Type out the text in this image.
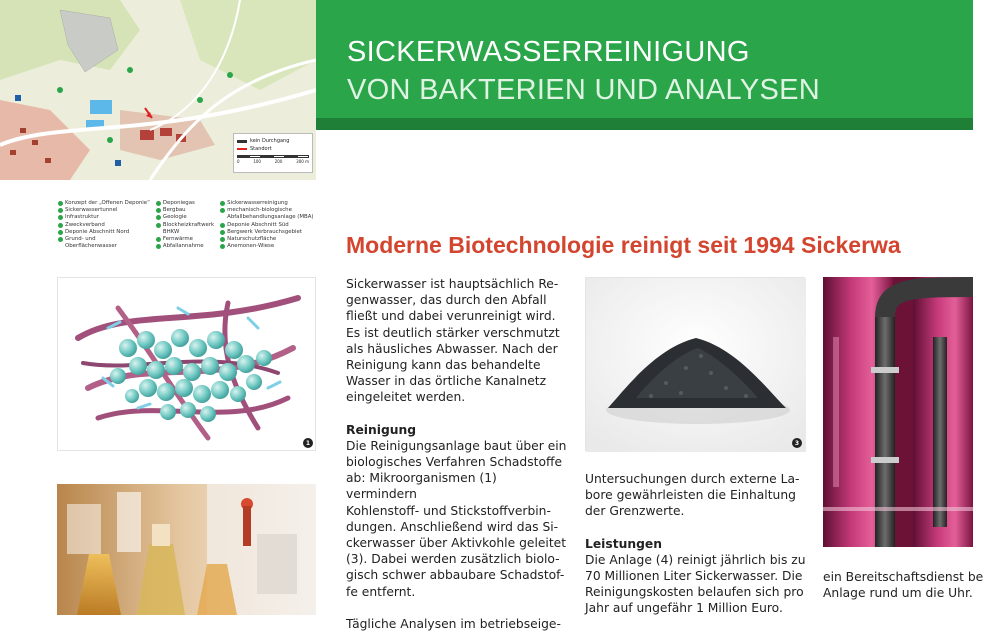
kein Durchgang
Standort
0	100	200	300 m
SICKERWASSERREINIGUNG
VON BAKTERIEN UND ANALYSEN
Konzept der „Offenen Deponie“
Sickerwassertunnel
Infrastruktur
Zweckverband
Deponie Abschnitt Nord
Grund- und
Oberflächenwasser
Deponiegas
Bergbau
Geologie
Blockheizkraftwerk
BHKW
Fernwärme
Abfallannahme
Sickerwasserreinigung
mechanisch-biologische
Abfallbehandlungsanlage (MBA)
Deponie Abschnitt Süd
Bergwerk Verbrauchsgebiet
Naturschutzfläche
Anemonen-Wiese	Moderne Biotechnologie reinigt seit 1994 Sickerwa
1	3

Sickerwasser ist hauptsächlich Re-
genwasser, das durch den Abfall
fließt und dabei verunreinigt wird.
Es ist deutlich stärker verschmutzt
als häusliches Abwasser. Nach der
Reinigung kann das behandelte
Wasser in das örtliche Kanalnetz
eingeleitet werden.

Reinigung

Die Reinigungsanlage baut über ein
biologisches Verfahren Schadstoffe
ab: Mikroorganismen (1) vermindern
Kohlenstoff- und Stickstoffverbin-
dungen. Anschließend wird das Si-
ckerwasser über Aktivkohle geleitet
(3). Dabei werden zusätzlich biolo-
gisch schwer abbaubare Schadstof-
fe entfernt.

Tägliche Analysen im betriebseige-

Untersuchungen durch externe La-
bore gewährleisten die Einhaltung
der Grenzwerte.

Leistungen

Die Anlage (4) reinigt jährlich bis zu
70 Millionen Liter Sickerwasser. Die
Reinigungskosten belaufen sich pro
Jahr auf ungefähr 1 Million Euro.

ein Bereitschaftsdienst be
Anlage rund um die Uhr.
